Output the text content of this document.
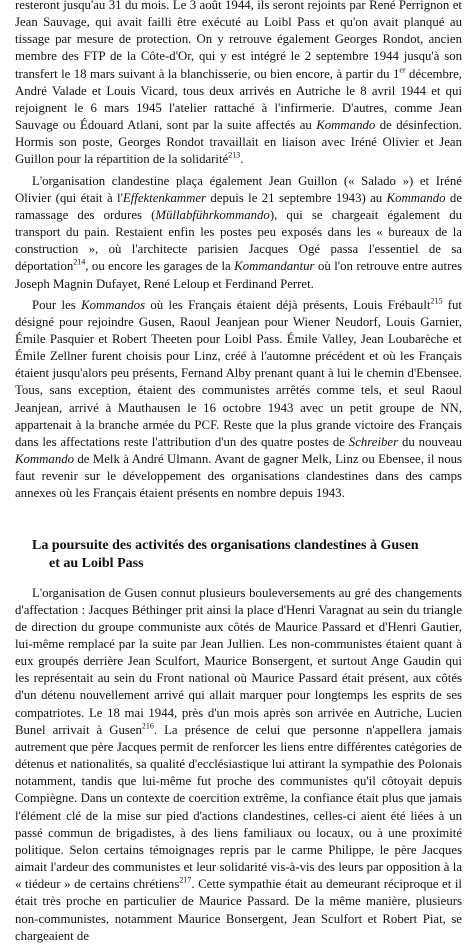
resteront jusqu'au 31 du mois. Le 3 août 1944, ils seront rejoints par René Perrignon et Jean Sauvage, qui avait failli être exécuté au Loibl Pass et qu'on avait planqué au tissage par mesure de protection. On y retrouve également Georges Rondot, ancien membre des FTP de la Côte-d'Or, qui y est intégré le 2 septembre 1944 jusqu'à son transfert le 18 mars suivant à la blanchisserie, ou bien encore, à partir du 1er décembre, André Valade et Louis Vicard, tous deux arrivés en Autriche le 8 avril 1944 et qui rejoignent le 6 mars 1945 l'atelier rattaché à l'infirmerie. D'autres, comme Jean Sauvage ou Édouard Atlani, sont par la suite affectés au Kommando de désinfection. Hormis son poste, Georges Rondot travaillait en liaison avec Iréné Olivier et Jean Guillon pour la répartition de la solidarité$^{213}$.

L'organisation clandestine plaça également Jean Guillon (« Salado ») et Iréné Olivier (qui était à l'Effektenkammer depuis le 21 septembre 1943) au Kommando de ramassage des ordures (Müllabführkommando), qui se chargeait également du transport du pain. Restaient enfin les postes peu exposés dans les « bureaux de la construction », où l'architecte parisien Jacques Ogé passa l'essentiel de sa déportation$^{214}$, ou encore les garages de la Kommandantur où l'on retrouve entre autres Joseph Magnin Dufayet, René Leloup et Ferdinand Perret.

Pour les Kommandos où les Français étaient déjà présents, Louis Frébault$^{215}$ fut désigné pour rejoindre Gusen, Raoul Jeanjean pour Wiener Neudorf, Louis Garnier, Émile Pasquier et Robert Theeten pour Loibl Pass. Émile Valley, Jean Loubarèche et Émile Zellner furent choisis pour Linz, créé à l'automne précédent et où les Français étaient jusqu'alors peu présents, Fernand Alby prenant quant à lui le chemin d'Ebensee. Tous, sans exception, étaient des communistes arrêtés comme tels, et seul Raoul Jeanjean, arrivé à Mauthausen le 16 octobre 1943 avec un petit groupe de NN, appartenait à la branche armée du PCF. Reste que la plus grande victoire des Français dans les affectations reste l'attribution d'un des quatre postes de Schreiber du nouveau Kommando de Melk à André Ulmann. Avant de gagner Melk, Linz ou Ebensee, il nous faut revenir sur le développement des organisations clandestines dans des camps annexes où les Français étaient présents en nombre depuis 1943.

La poursuite des activités des organisations clandestines à Gusen
et au Loibl Pass

L'organisation de Gusen connut plusieurs bouleversements au gré des changements d'affectation : Jacques Béthinger prit ainsi la place d'Henri Varagnat au sein du triangle de direction du groupe communiste aux côtés de Maurice Passard et d'Henri Gautier, lui-même remplacé par la suite par Jean Jullien. Les non-communistes étaient quant à eux groupés derrière Jean Sculfort, Maurice Bonsergent, et surtout Ange Gaudin qui les représentait au sein du Front national où Maurice Passard était présent, aux côtés d'un détenu nouvellement arrivé qui allait marquer pour longtemps les esprits de ses compatriotes. Le 18 mai 1944, près d'un mois après son arrivée en Autriche, Lucien Bunel arrivait à Gusen$^{216}$. La présence de celui que personne n'appellera jamais autrement que père Jacques permit de renforcer les liens entre différentes catégories de détenus et nationalités, sa qualité d'ecclésiastique lui attirant la sympathie des Polonais notamment, tandis que lui-même fut proche des communistes qu'il côtoyait depuis Compiègne. Dans un contexte de coercition extrême, la confiance était plus que jamais l'élément clé de la mise sur pied d'actions clandestines, celles-ci aient été liées à un passé commun de brigadistes, à des liens familiaux ou locaux, ou à une proximité politique. Selon certains témoignages repris par le carme Philippe, le père Jacques aimait l'ardeur des communistes et leur solidarité vis-à-vis des leurs par opposition à la « tiédeur » de certains chrétiens$^{217}$. Cette sympathie était au demeurant réciproque et il était très proche en particulier de Maurice Passard. De la même manière, plusieurs non-communistes, notamment Maurice Bonsergent, Jean Sculfort et Robert Piat, se chargeaient de
